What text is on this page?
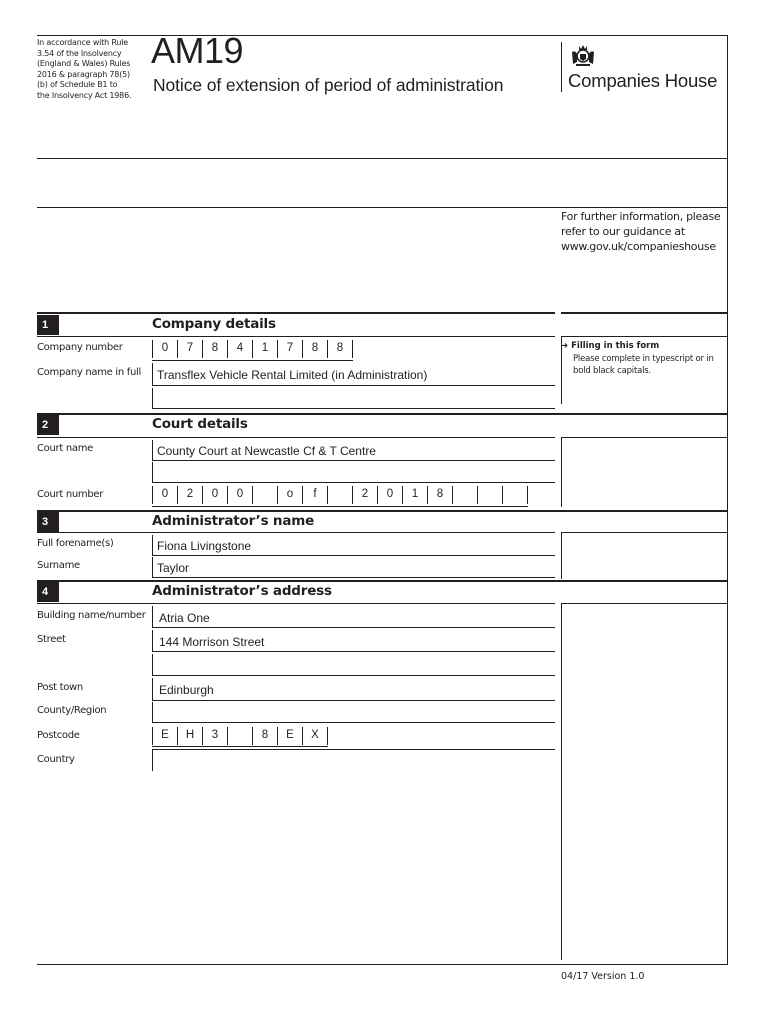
In accordance with Rule 3.54 of the Insolvency (England & Wales) Rules 2016 & paragraph 78(5)(b) of Schedule B1 to the Insolvency Act 1986.
AM19
Notice of extension of period of administration	Companies House
For further information, please refer to our guidance at www.gov.uk/companieshouse
➜ Filling in this form
Please complete in typescript or in bold black capitals.
1	Company details
Company number	0	7	8	4	1	7	8	8
Company name in full Transflex Vehicle Rental Limited (in Administration)
2	Court details
Court name	County Court at Newcastle Cf & T Centre
Court number	0	2	0	0	o	f	2	0	1	8
3	Administrator’s name
Full forename(s)	Fiona Livingstone
Surname	Taylor
4	Administrator’s address
Building name/number Atria One
Street	144 Morrison Street
Post town	Edinburgh
County/Region
Postcode	E	H	3	8	E	X
Country
04/17 Version 1.0
